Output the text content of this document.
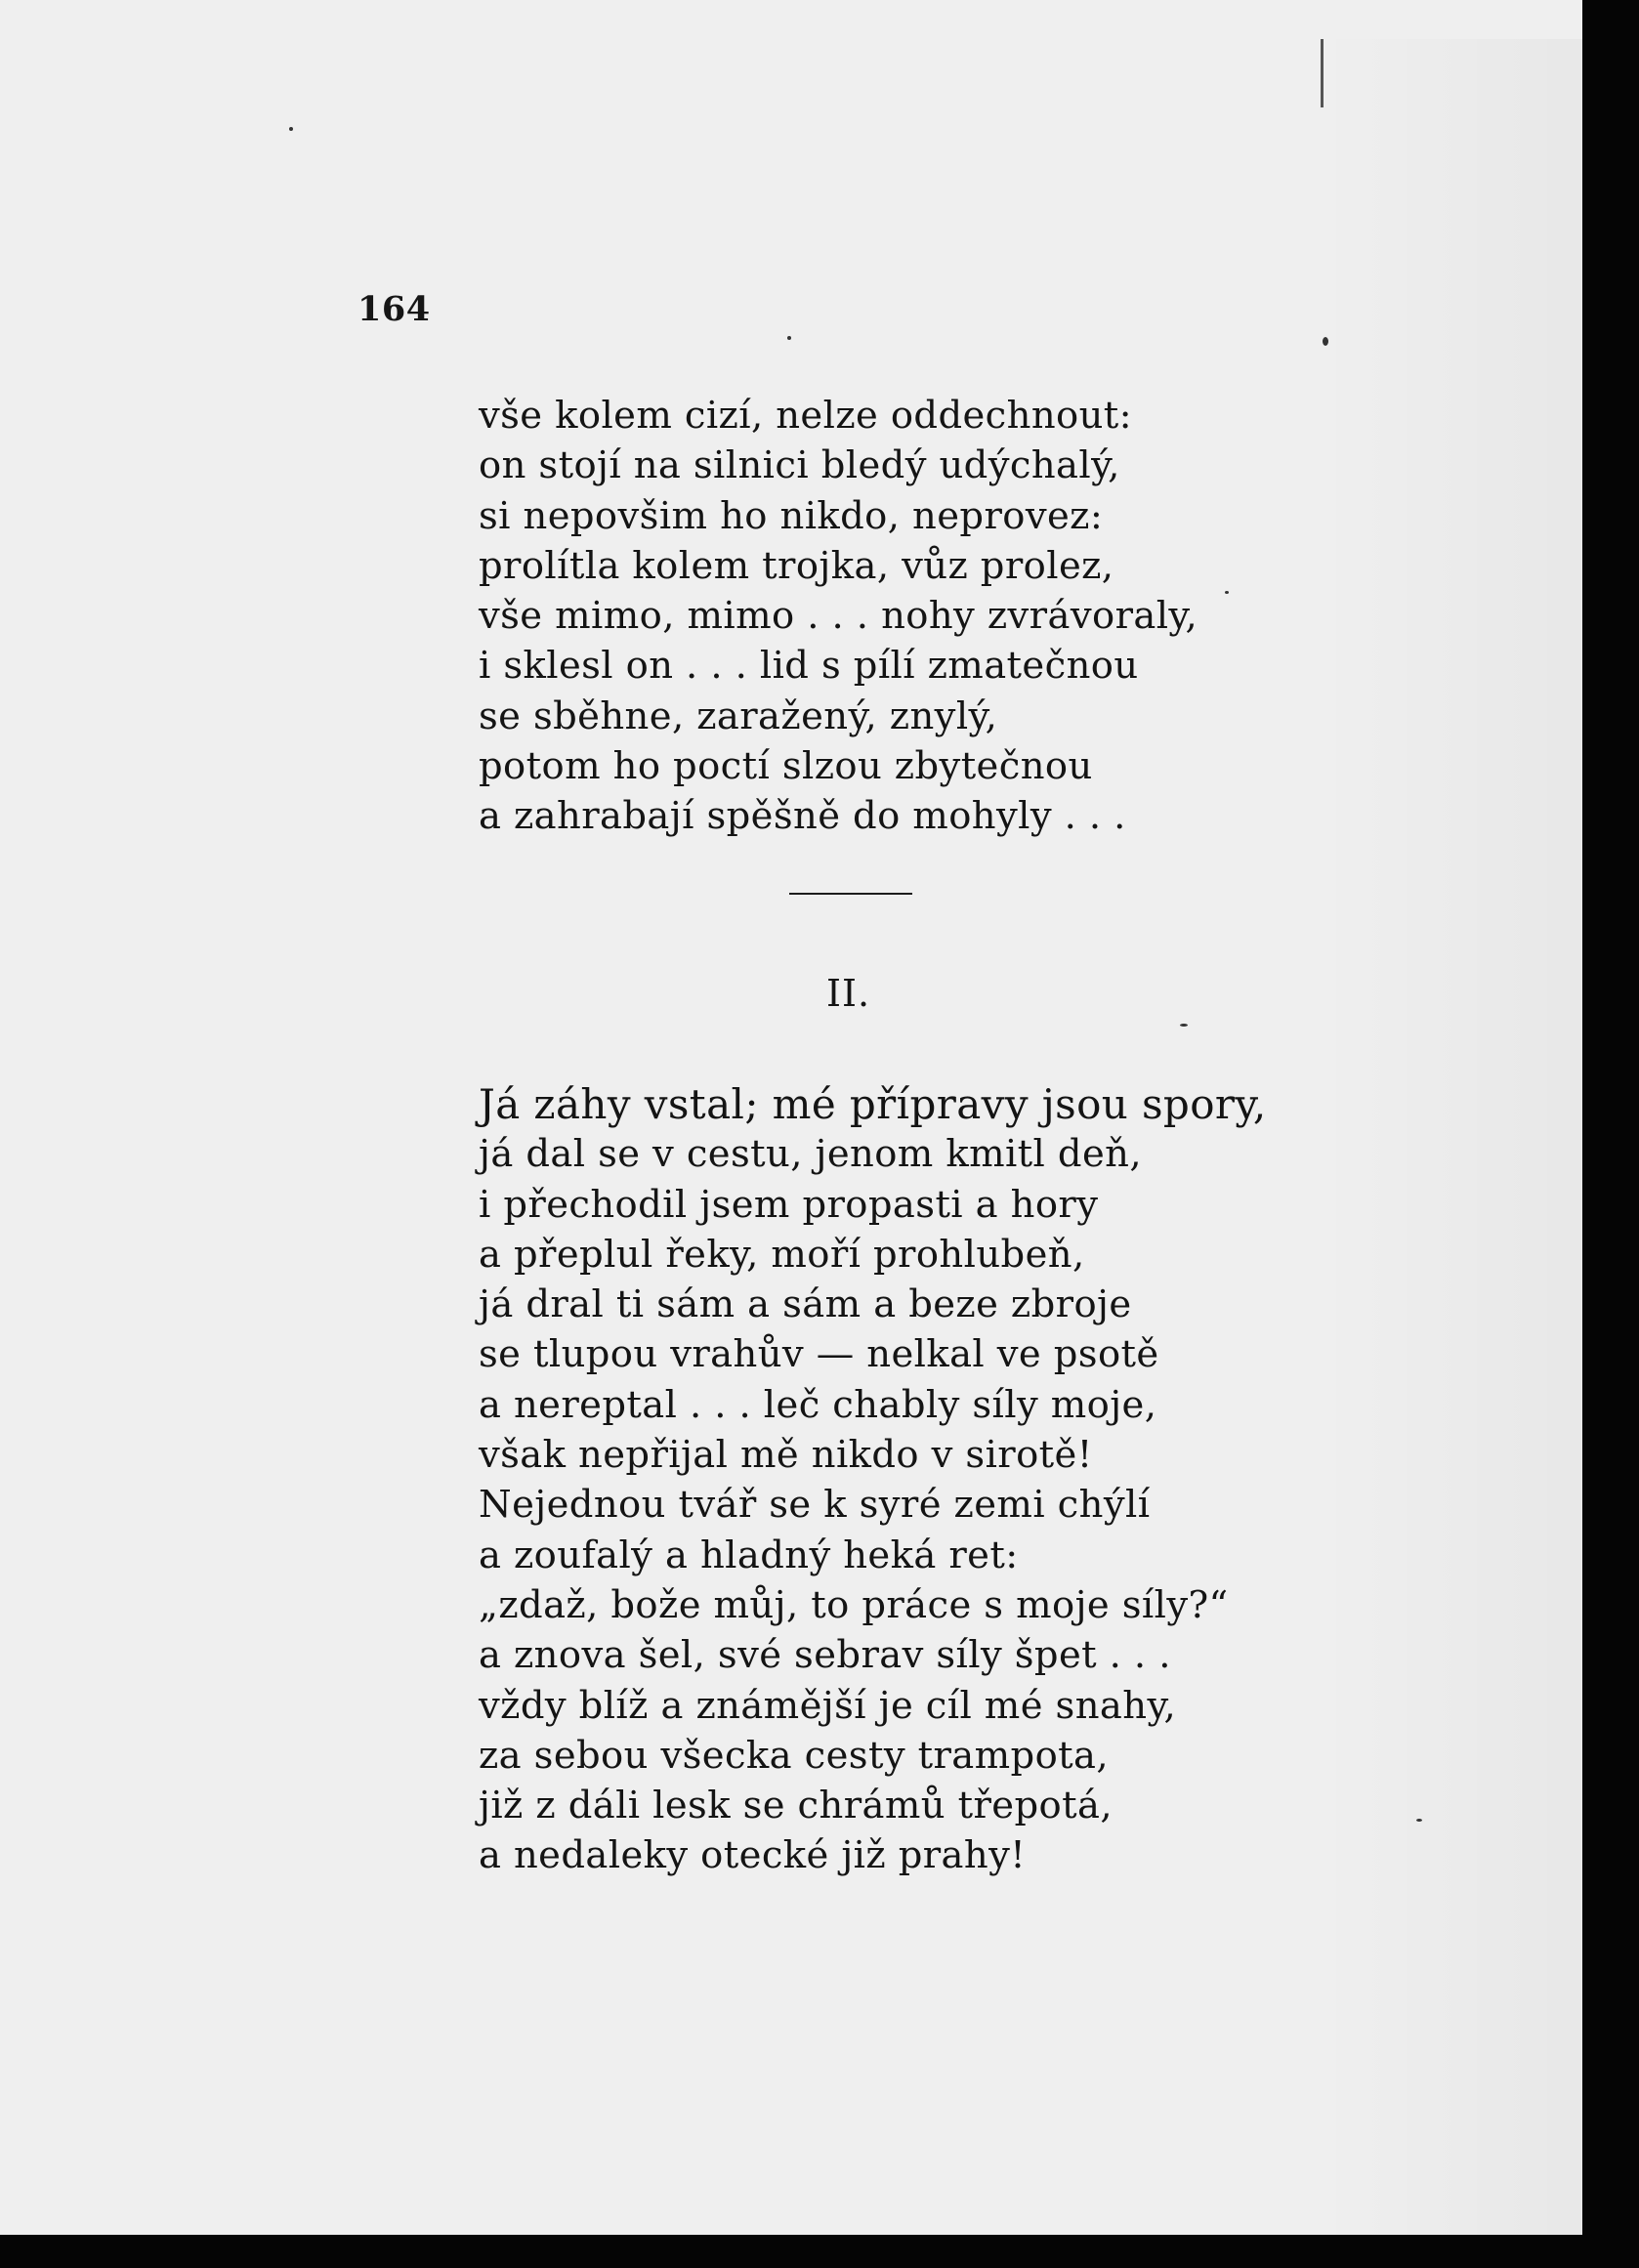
164
vše kolem cizí, nelze oddechnout:
on stojí na silnici bledý udýchalý,
si nepovšim ho nikdo, neprovez:
prolítla kolem trojka, vůz prolez,
vše mimo, mimo . . . nohy zvrávoraly,
i sklesl on . . . lid s pílí zmatečnou
se sběhne, zaražený, znylý,
potom ho poctí slzou zbytečnou
a zahrabají spěšně do mohyly . . .
II.
Já záhy vstal; mé přípravy jsou spory,
já dal se v cestu, jenom kmitl deň,
i přechodil jsem propasti a hory
a přeplul řeky, moří prohlubeň,
já dral ti sám a sám a beze zbroje
se tlupou vrahův — nelkal ve psotě
a nereptal . . . leč chably síly moje,
však nepřijal mě nikdo v sirotě!
Nejednou tvář se k syré zemi chýlí
a zoufalý a hladný heká ret:
„zdaž, bože můj, to práce s moje síly?“
a znova šel, své sebrav síly špet . . .
vždy blíž a známější je cíl mé snahy,
za sebou všecka cesty trampota,
již z dáli lesk se chrámů třepotá,
a nedaleky otecké již prahy!
